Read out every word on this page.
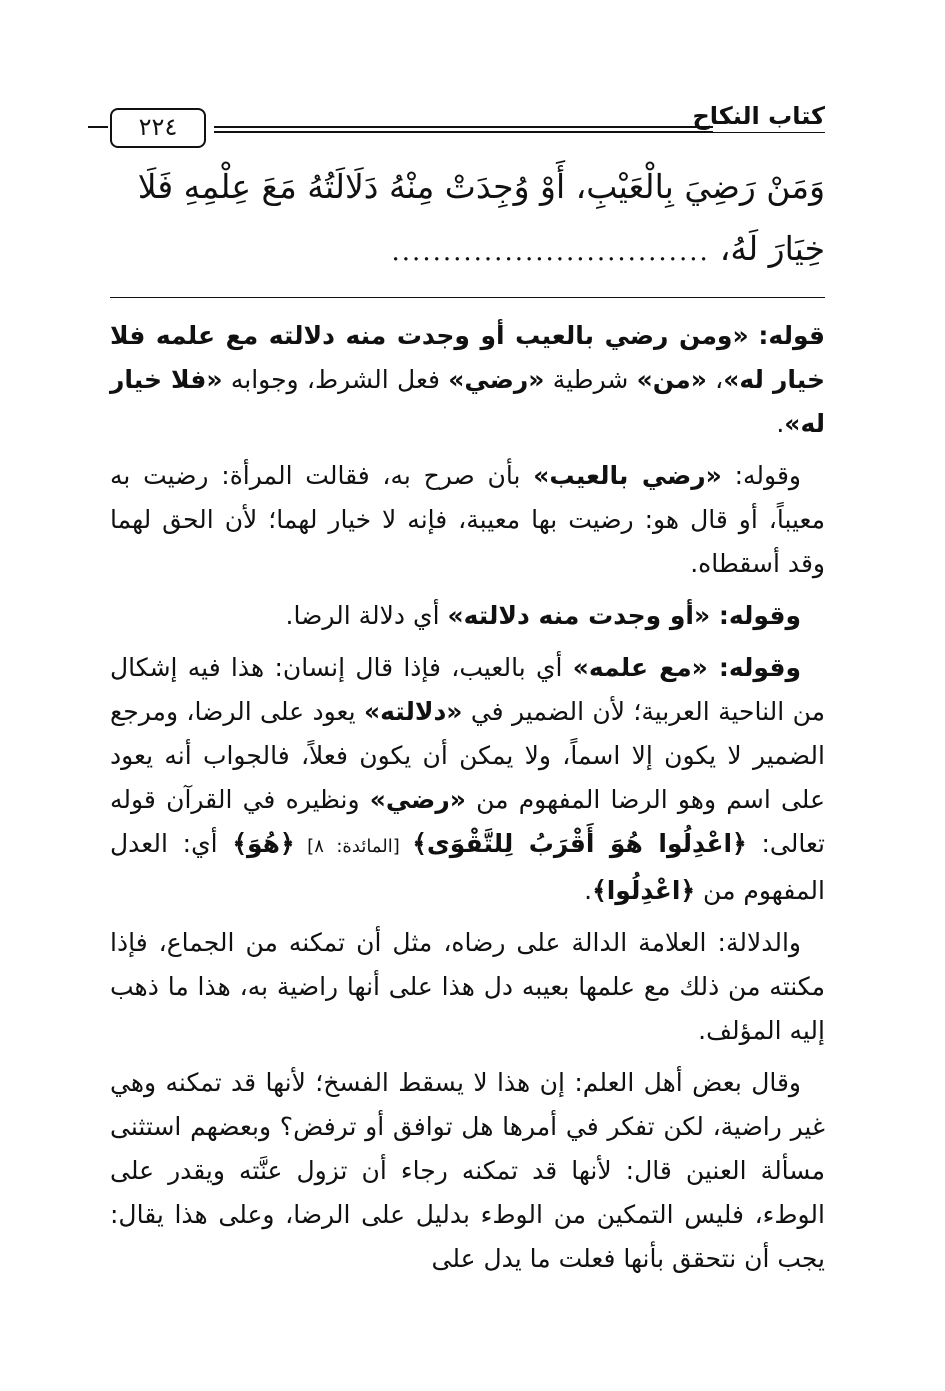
كتاب النكاح
٢٢٤
وَمَنْ رَضِيَ بِالْعَيْبِ، أَوْ وُجِدَتْ مِنْهُ دَلَالَتُهُ مَعَ عِلْمِهِ فَلَا
خِيَارَ لَهُ،
...............................

قوله: «ومن رضي بالعيب أو وجدت منه دلالته مع علمه فلا خيار له»، «من» شرطية «رضي» فعل الشرط، وجوابه «فلا خيار له».

وقوله: «رضي بالعيب» بأن صرح به، فقالت المرأة: رضيت به معيباً، أو قال هو: رضيت بها معيبة، فإنه لا خيار لهما؛ لأن الحق لهما وقد أسقطاه.

وقوله: «أو وجدت منه دلالته» أي دلالة الرضا.

وقوله: «مع علمه» أي بالعيب، فإذا قال إنسان: هذا فيه إشكال من الناحية العربية؛ لأن الضمير في «دلالته» يعود على الرضا، ومرجع الضمير لا يكون إلا اسماً، ولا يمكن أن يكون فعلاً، فالجواب أنه يعود على اسم وهو الرضا المفهوم من «رضي» ونظيره في القرآن قوله تعالى: ﴿اعْدِلُوا هُوَ أَقْرَبُ لِلتَّقْوَى﴾ [المائدة: ٨] ﴿هُوَ﴾ أي: العدل المفهوم من ﴿اعْدِلُوا﴾.

والدلالة: العلامة الدالة على رضاه، مثل أن تمكنه من الجماع، فإذا مكنته من ذلك مع علمها بعيبه دل هذا على أنها راضية به، هذا ما ذهب إليه المؤلف.

وقال بعض أهل العلم: إن هذا لا يسقط الفسخ؛ لأنها قد تمكنه وهي غير راضية، لكن تفكر في أمرها هل توافق أو ترفض؟ وبعضهم استثنى مسألة العنين قال: لأنها قد تمكنه رجاء أن تزول عنَّته ويقدر على الوطء، فليس التمكين من الوطء بدليل على الرضا، وعلى هذا يقال: يجب أن نتحقق بأنها فعلت ما يدل على
